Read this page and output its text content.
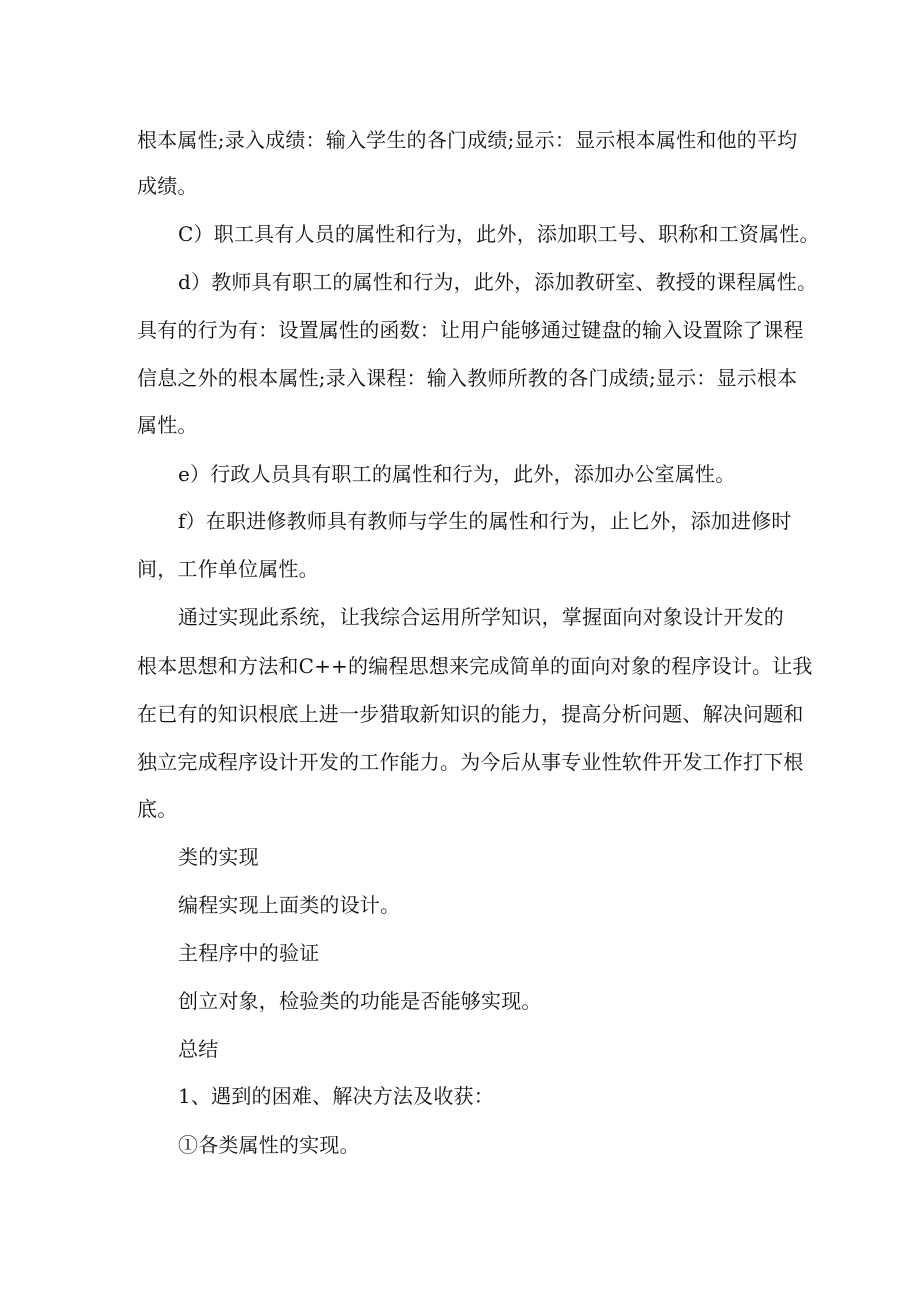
根本属性;录入成绩：输入学生的各门成绩;显示：显示根本属性和他的平均
成绩。
C）职工具有人员的属性和行为，此外，添加职工号、职称和工资属性。
d）教师具有职工的属性和行为，此外，添加教研室、教授的课程属性。
具有的行为有：设置属性的函数：让用户能够通过键盘的输入设置除了课程
信息之外的根本属性;录入课程：输入教师所教的各门成绩;显示：显示根本
属性。
e）行政人员具有职工的属性和行为，此外，添加办公室属性。
f）在职进修教师具有教师与学生的属性和行为，止匕外，添加进修时
间，工作单位属性。
通过实现此系统，让我综合运用所学知识，掌握面向对象设计开发的
根本思想和方法和C++的编程思想来完成简单的面向对象的程序设计。让我
在已有的知识根底上进一步猎取新知识的能力，提高分析问题、解决问题和
独立完成程序设计开发的工作能力。为今后从事专业性软件开发工作打下根
底。
类的实现
编程实现上面类的设计。
主程序中的验证
创立对象，检验类的功能是否能够实现。
总结
1、遇到的困难、解决方法及收获：
①各类属性的实现。
